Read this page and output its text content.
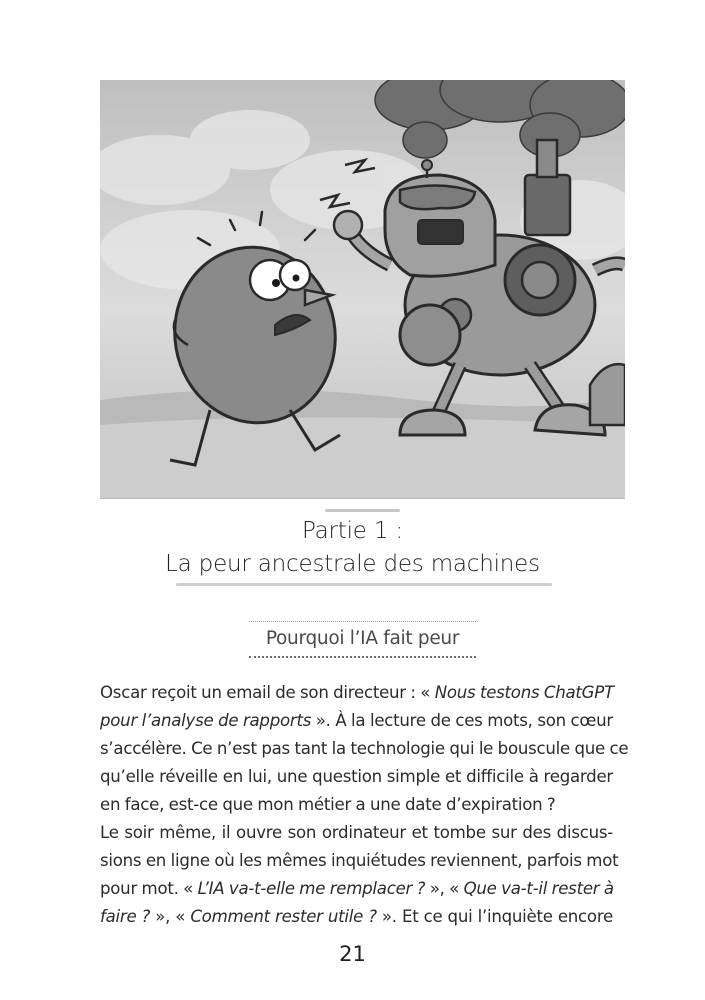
Partie 1 :
La peur ancestrale des machines
Pourquoi l’IA fait peur
Oscar reçoit un email de son directeur : « Nous testons ChatGPT
pour l’analyse de rapports ». À la lecture de ces mots, son cœur
s’accélère. Ce n’est pas tant la technologie qui le bouscule que ce
qu’elle réveille en lui, une question simple et difficile à regarder
en face, est-ce que mon métier a une date d’expiration ?
Le soir même, il ouvre son ordinateur et tombe sur des discus-
sions en ligne où les mêmes inquiétudes reviennent, parfois mot
pour mot. « L’IA va-t-elle me remplacer ? », « Que va-t-il rester à
faire ? », « Comment rester utile ? ». Et ce qui l’inquiète encore
21
